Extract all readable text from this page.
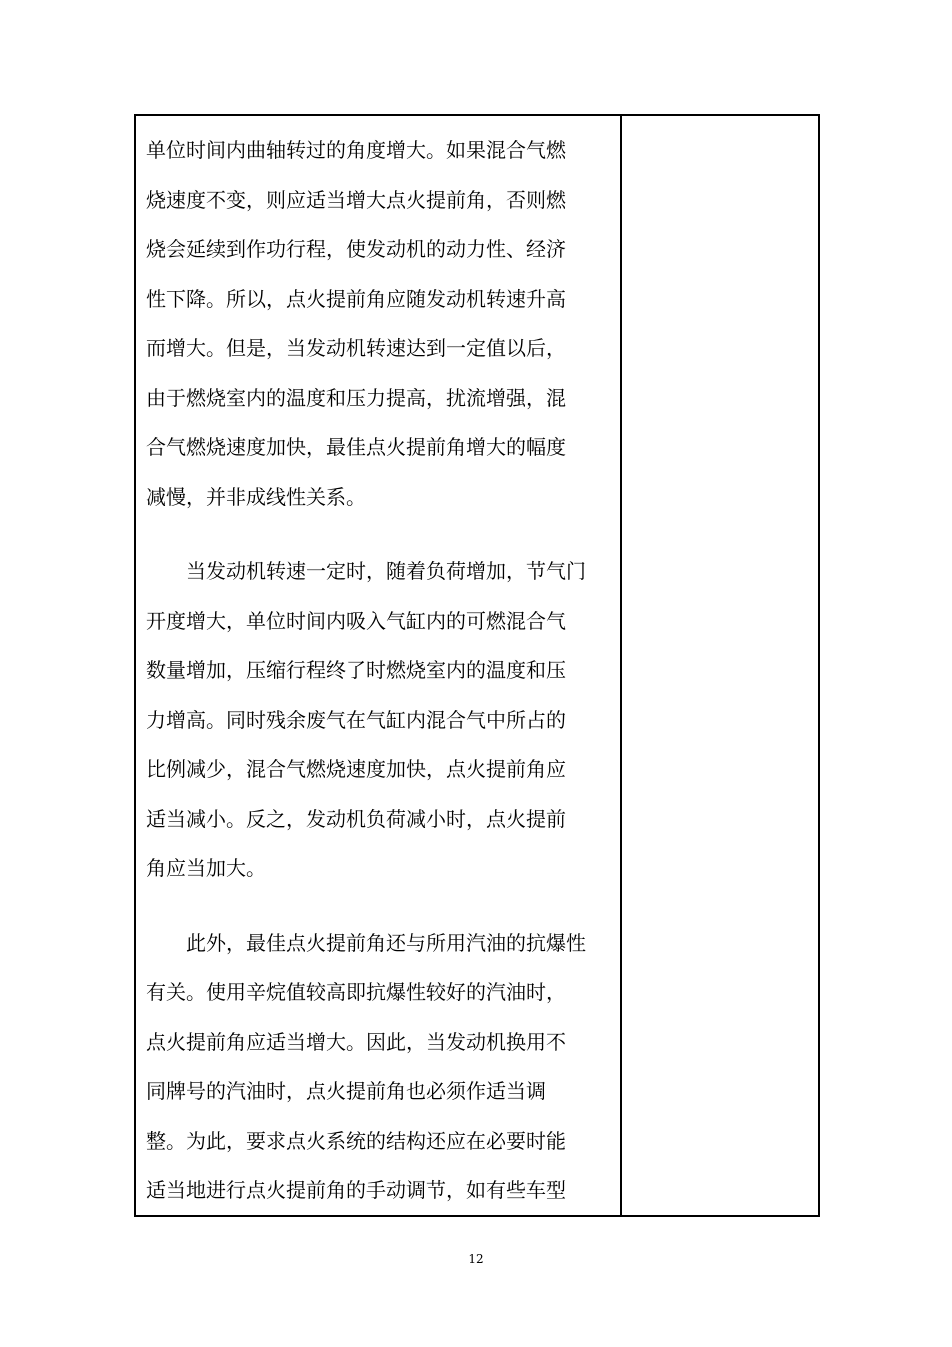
单位时间内曲轴转过的角度增大。如果混合气燃
烧速度不变，则应适当增大点火提前角，否则燃
烧会延续到作功行程，使发动机的动力性、经济
性下降。所以，点火提前角应随发动机转速升高
而增大。但是，当发动机转速达到一定值以后，
由于燃烧室内的温度和压力提高，扰流增强，混
合气燃烧速度加快，最佳点火提前角增大的幅度
减慢，并非成线性关系。
当发动机转速一定时，随着负荷增加，节气门
开度增大，单位时间内吸入气缸内的可燃混合气
数量增加，压缩行程终了时燃烧室内的温度和压
力增高。同时残余废气在气缸内混合气中所占的
比例减少，混合气燃烧速度加快，点火提前角应
适当减小。反之，发动机负荷减小时，点火提前
角应当加大。
此外，最佳点火提前角还与所用汽油的抗爆性
有关。使用辛烷值较高即抗爆性较好的汽油时，
点火提前角应适当增大。因此，当发动机换用不
同牌号的汽油时，点火提前角也必须作适当调
整。为此，要求点火系统的结构还应在必要时能
适当地进行点火提前角的手动调节，如有些车型
12
